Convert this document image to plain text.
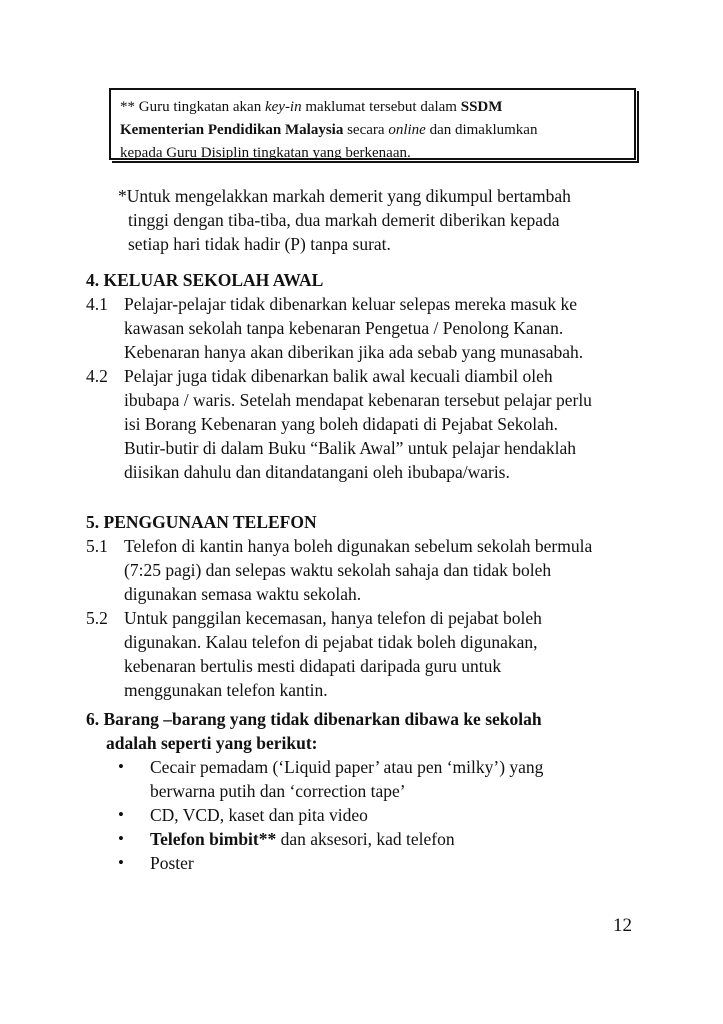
** Guru tingkatan akan key-in maklumat tersebut dalam SSDM
Kementerian Pendidikan Malaysia secara online dan dimaklumkan
kepada Guru Disiplin tingkatan yang berkenaan.
*Untuk mengelakkan markah demerit yang dikumpul bertambah
tinggi dengan tiba-tiba, dua markah demerit diberikan kepada
setiap hari tidak hadir (P) tanpa surat.
4. KELUAR SEKOLAH AWAL
4.1 Pelajar-pelajar tidak dibenarkan keluar selepas mereka masuk ke
kawasan sekolah tanpa kebenaran Pengetua / Penolong Kanan.
Kebenaran hanya akan diberikan jika ada sebab yang munasabah.
4.2 Pelajar juga tidak dibenarkan balik awal kecuali diambil oleh
ibubapa / waris. Setelah mendapat kebenaran tersebut pelajar perlu
isi Borang Kebenaran yang boleh didapati di Pejabat Sekolah.
Butir-butir di dalam Buku “Balik Awal” untuk pelajar hendaklah
diisikan dahulu dan ditandatangani oleh ibubapa/waris.
5. PENGGUNAAN TELEFON
5.1 Telefon di kantin hanya boleh digunakan sebelum sekolah bermula
(7:25 pagi) dan selepas waktu sekolah sahaja dan tidak boleh
digunakan semasa waktu sekolah.
5.2 Untuk panggilan kecemasan, hanya telefon di pejabat boleh
digunakan. Kalau telefon di pejabat tidak boleh digunakan,
kebenaran bertulis mesti didapati daripada guru untuk
menggunakan telefon kantin.
6. Barang –barang yang tidak dibenarkan dibawa ke sekolah
adalah seperti yang berikut:
• Cecair pemadam (‘Liquid paper’ atau pen ‘milky’) yang
berwarna putih dan ‘correction tape’
• CD, VCD, kaset dan pita video
• Telefon bimbit** dan aksesori, kad telefon
• Poster
12
